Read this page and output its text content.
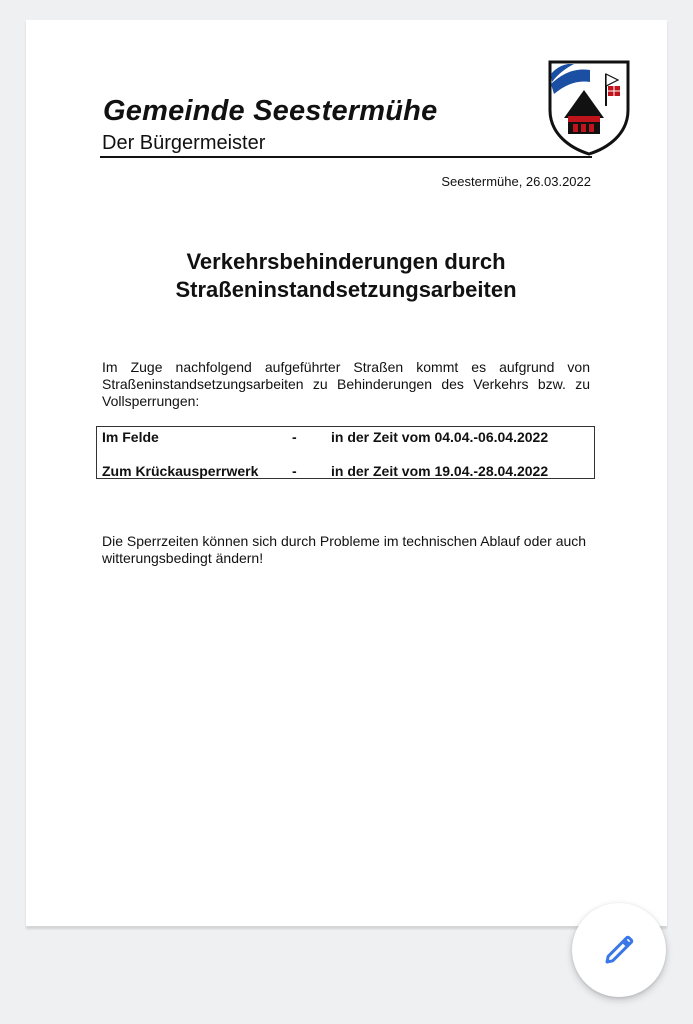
Gemeinde Seestermühe
Der Bürgermeister
Seestermühe, 26.03.2022
Verkehrsbehinderungen durch
Straßeninstandsetzungsarbeiten
Im Zuge nachfolgend aufgeführter Straßen kommt es aufgrund von Straßeninstandsetzungsarbeiten zu Behinderungen des Verkehrs bzw. zu Vollsperrungen:
Im Felde	- in der Zeit vom 04.04.-06.04.2022
Zum Krückausperrwerk - in der Zeit vom 19.04.-28.04.2022
Die Sperrzeiten können sich durch Probleme im technischen Ablauf oder auch witterungsbedingt ändern!
